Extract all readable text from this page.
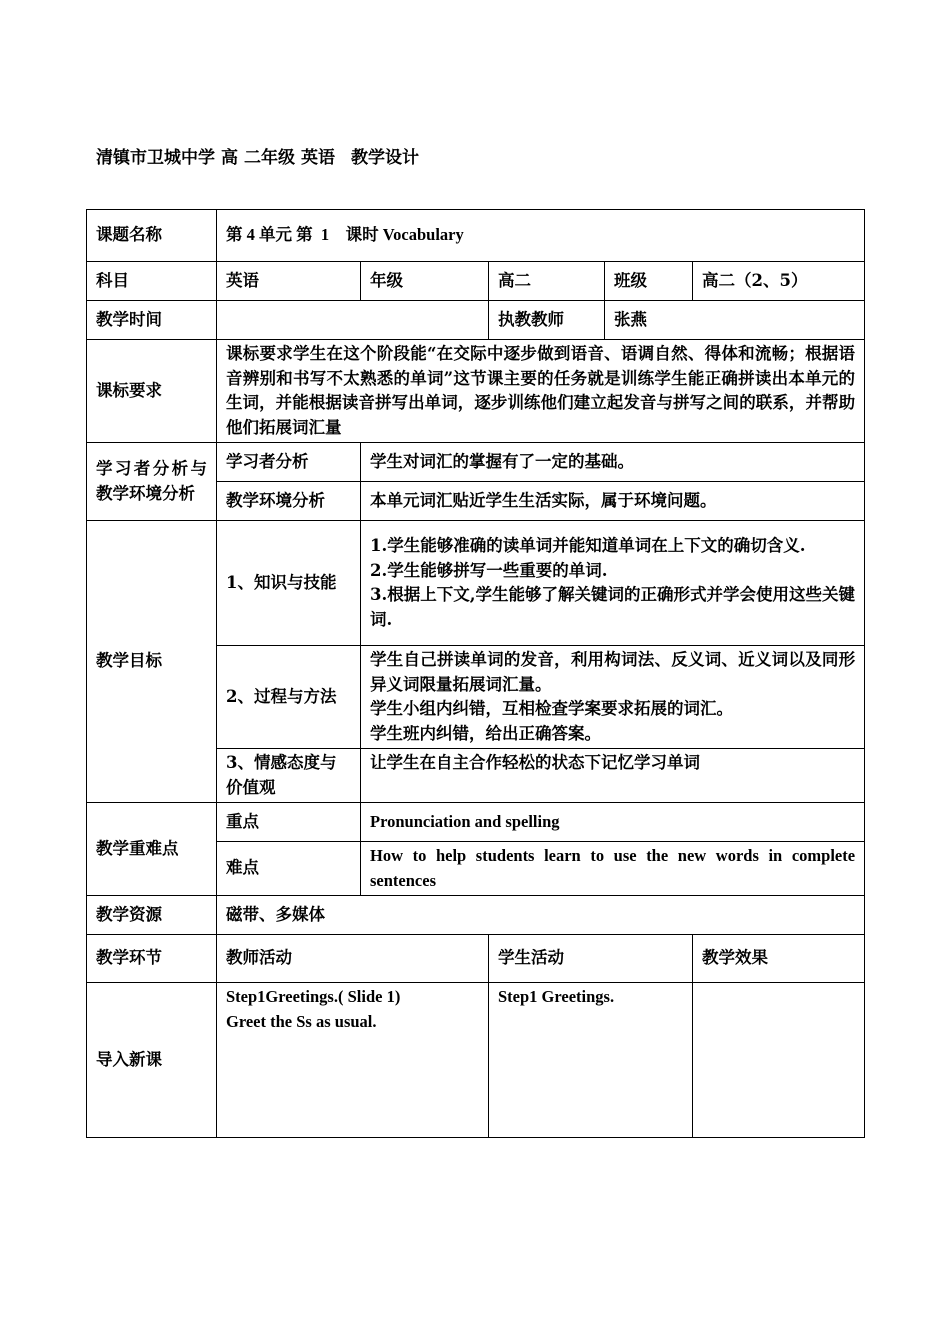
清镇市卫城中学 高 二年级 英语 教学设计
课题名称	第 4 单元 第  1    课时 Vocabulary				
科目	英语	年级	高二	班级	高二（2、5）
教学时间			执教教师	张燕	
课标要求	课标要求学生在这个阶段能“在交际中逐步做到语音、语调自然、得体和流畅；根据语音辨别和书写不太熟悉的单词”这节课主要的任务就是训练学生能正确拼读出本单元的生词，并能根据读音拼写出单词，逐步训练他们建立起发音与拼写之间的联系，并帮助他们拓展词汇量				
学习者分析与教学环境分析	学习者分析	学生对词汇的掌握有了一定的基础。			
	教学环境分析	本单元词汇贴近学生生活实际，属于环境问题。			
教学目标	1、知识与技能	1.学生能够准确的读单词并能知道单词在上下文的确切含义.
2.学生能够拼写一些重要的单词.
3.根据上下文,学生能够了解关键词的正确形式并学会使用这些关键词.			

	2、过程与方法	学生自己拼读单词的发音，利用构词法、反义词、近义词以及同形异义词限量拓展词汇量。
学生小组内纠错，互相检查学案要求拓展的词汇。
学生班内纠错，给出正确答案。			

	3、情感态度与价值观	让学生在自主合作轻松的状态下记忆学习单词			
教学重难点	重点	Pronunciation and spelling			
	难点	How to help students learn to use the new words in complete sentences			
教学资源	磁带、多媒体				
教学环节	教师活动		学生活动		教学效果
导入新课	Step1Greetings.( Slide 1)
Greet the Ss as usual.		Step1 Greetings.		
